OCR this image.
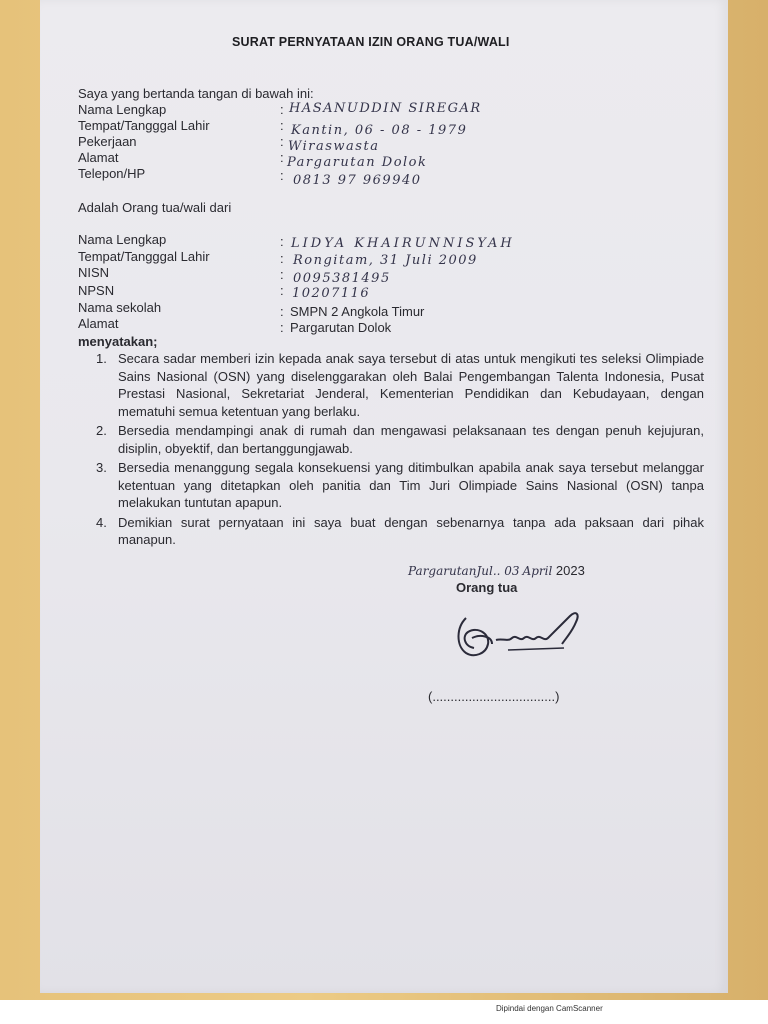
SURAT PERNYATAAN IZIN ORANG TUA/WALI
Saya yang bertanda tangan di bawah ini:
Nama Lengkap	: HASANUDDIN SIREGAR
Tempat/Tangggal Lahir	: Kantin, 06 - 08 - 1979
Pekerjaan	: Wiraswasta
Alamat	: Pargarutan Dolok
Telepon/HP	: 0813 97 969940
Adalah Orang tua/wali dari
Nama Lengkap	: LIDYA KHAIRUNNISYAH
Tempat/Tangggal Lahir	: Rongitam, 31 Juli 2009
NISN	: 0095381495
NPSN	: 10207116
Nama sekolah	: SMPN 2 Angkola Timur
Alamat	: Pargarutan Dolok
menyatakan;
1. Secara sadar memberi izin kepada anak saya tersebut di atas untuk mengikuti tes seleksi Olimpiade Sains Nasional (OSN) yang diselenggarakan oleh Balai Pengembangan Talenta Indonesia, Pusat Prestasi Nasional, Sekretariat Jenderal, Kementerian Pendidikan dan Kebudayaan, dengan mematuhi semua ketentuan yang berlaku.
2. Bersedia mendampingi anak di rumah dan mengawasi pelaksanaan tes dengan penuh kejujuran, disiplin, obyektif, dan bertanggungjawab.
3. Bersedia menanggung segala konsekuensi yang ditimbulkan apabila anak saya tersebut melanggar ketentuan yang ditetapkan oleh panitia dan Tim Juri Olimpiade Sains Nasional (OSN) tanpa melakukan tuntutan apapun.
4. Demikian surat pernyataan ini saya buat dengan sebenarnya tanpa ada paksaan dari pihak manapun.
PargarutanJul.. 03 April 2023
Orang tua
(..................................)
Dipindai dengan CamScanner
